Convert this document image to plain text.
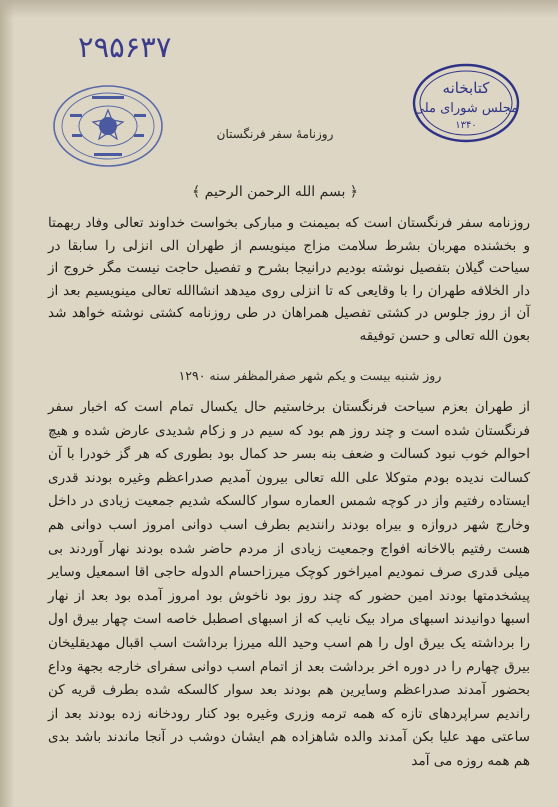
۲۹۵۶۳۷
کتابخانه
مجلس شورای ملی
۱۳۴۰
روزنامهٔ سفر فرنگستان
﴿ بسم الله الرحمن الرحیم ﴾

روزنامه سفر فرنگستان است که بمیمنت و مبارکی بخواست خداوند تعالی وفاد ربهمتا و بخشنده مهربان بشرط سلامت مزاج مینویسم از طهران الی انزلی را سابقا در سیاحت گیلان بتفصیل نوشته بودیم درانیجا بشرح و تفصیل حاجت نیست مگر خروج از دار الخلافه طهران را با وقایعی که تا انزلی روی میدهد انشاالله تعالی مینویسیم بعد از آن از روز جلوس در کشتی تفصیل همراهان در طی روزنامه کشتی نوشته خواهد شد بعون الله تعالی و حسن توفیقه

روز شنبه بیست و یکم شهر صفرالمظفر سنه ۱۲۹۰

از طهران بعزم سیاحت فرنگستان برخاستیم حال یکسال تمام است که اخبار سفر فرنگستان شده است و چند روز هم بود که سیم در و زکام شدیدی عارض شده و هیچ احوالم خوب نبود کسالت و ضعف بنه بسر حد کمال بود بطوری که هر گز خودرا با آن کسالت ندیده بودم متوکلا علی الله تعالی بیرون آمدیم صدراعظم وغیره بودند قدری ایستاده رفتیم واز در کوچه شمس العماره سوار کالسکه شدیم جمعیت زیادی در داخل وخارج شهر دروازه و بیراه بودند رانندیم بطرف اسب دوانی امروز اسب دوانی هم هست رفتیم بالاخانه افواج وجمعیت زیادی از مردم حاضر شده بودند نهار آوردند بی میلی قدری صرف نمودیم امیراخور کوچک میرزاحسام الدوله حاجی اقا اسمعیل وسایر پیشخدمتها بودند امین حضور که چند روز بود ناخوش بود امروز آمده بود بعد از نهار اسبها دوانیدند اسبهای مراد بیک نایب که از اسبهای اصطبل خاصه است چهار بیرق اول را برداشته یک بیرق اول را هم اسب وحید الله میرزا برداشت اسب اقبال مهدیقلیخان بیرق چهارم را در دوره اخر برداشت بعد از اتمام اسب دوانی سفرای خارجه بجهة وداع بحضور آمدند صدراعظم وسایرین هم بودند بعد سوار کالسکه شده بطرف قریه کن راندیم سراپردهای تازه که همه ترمه وزری وغیره بود کنار رودخانه زده بودند بعد از ساعتی مهد علیا بکن آمدند والده شاهزاده هم ایشان دوشب در آنجا ماندند باشد بدی هم همه روزه می آمد
